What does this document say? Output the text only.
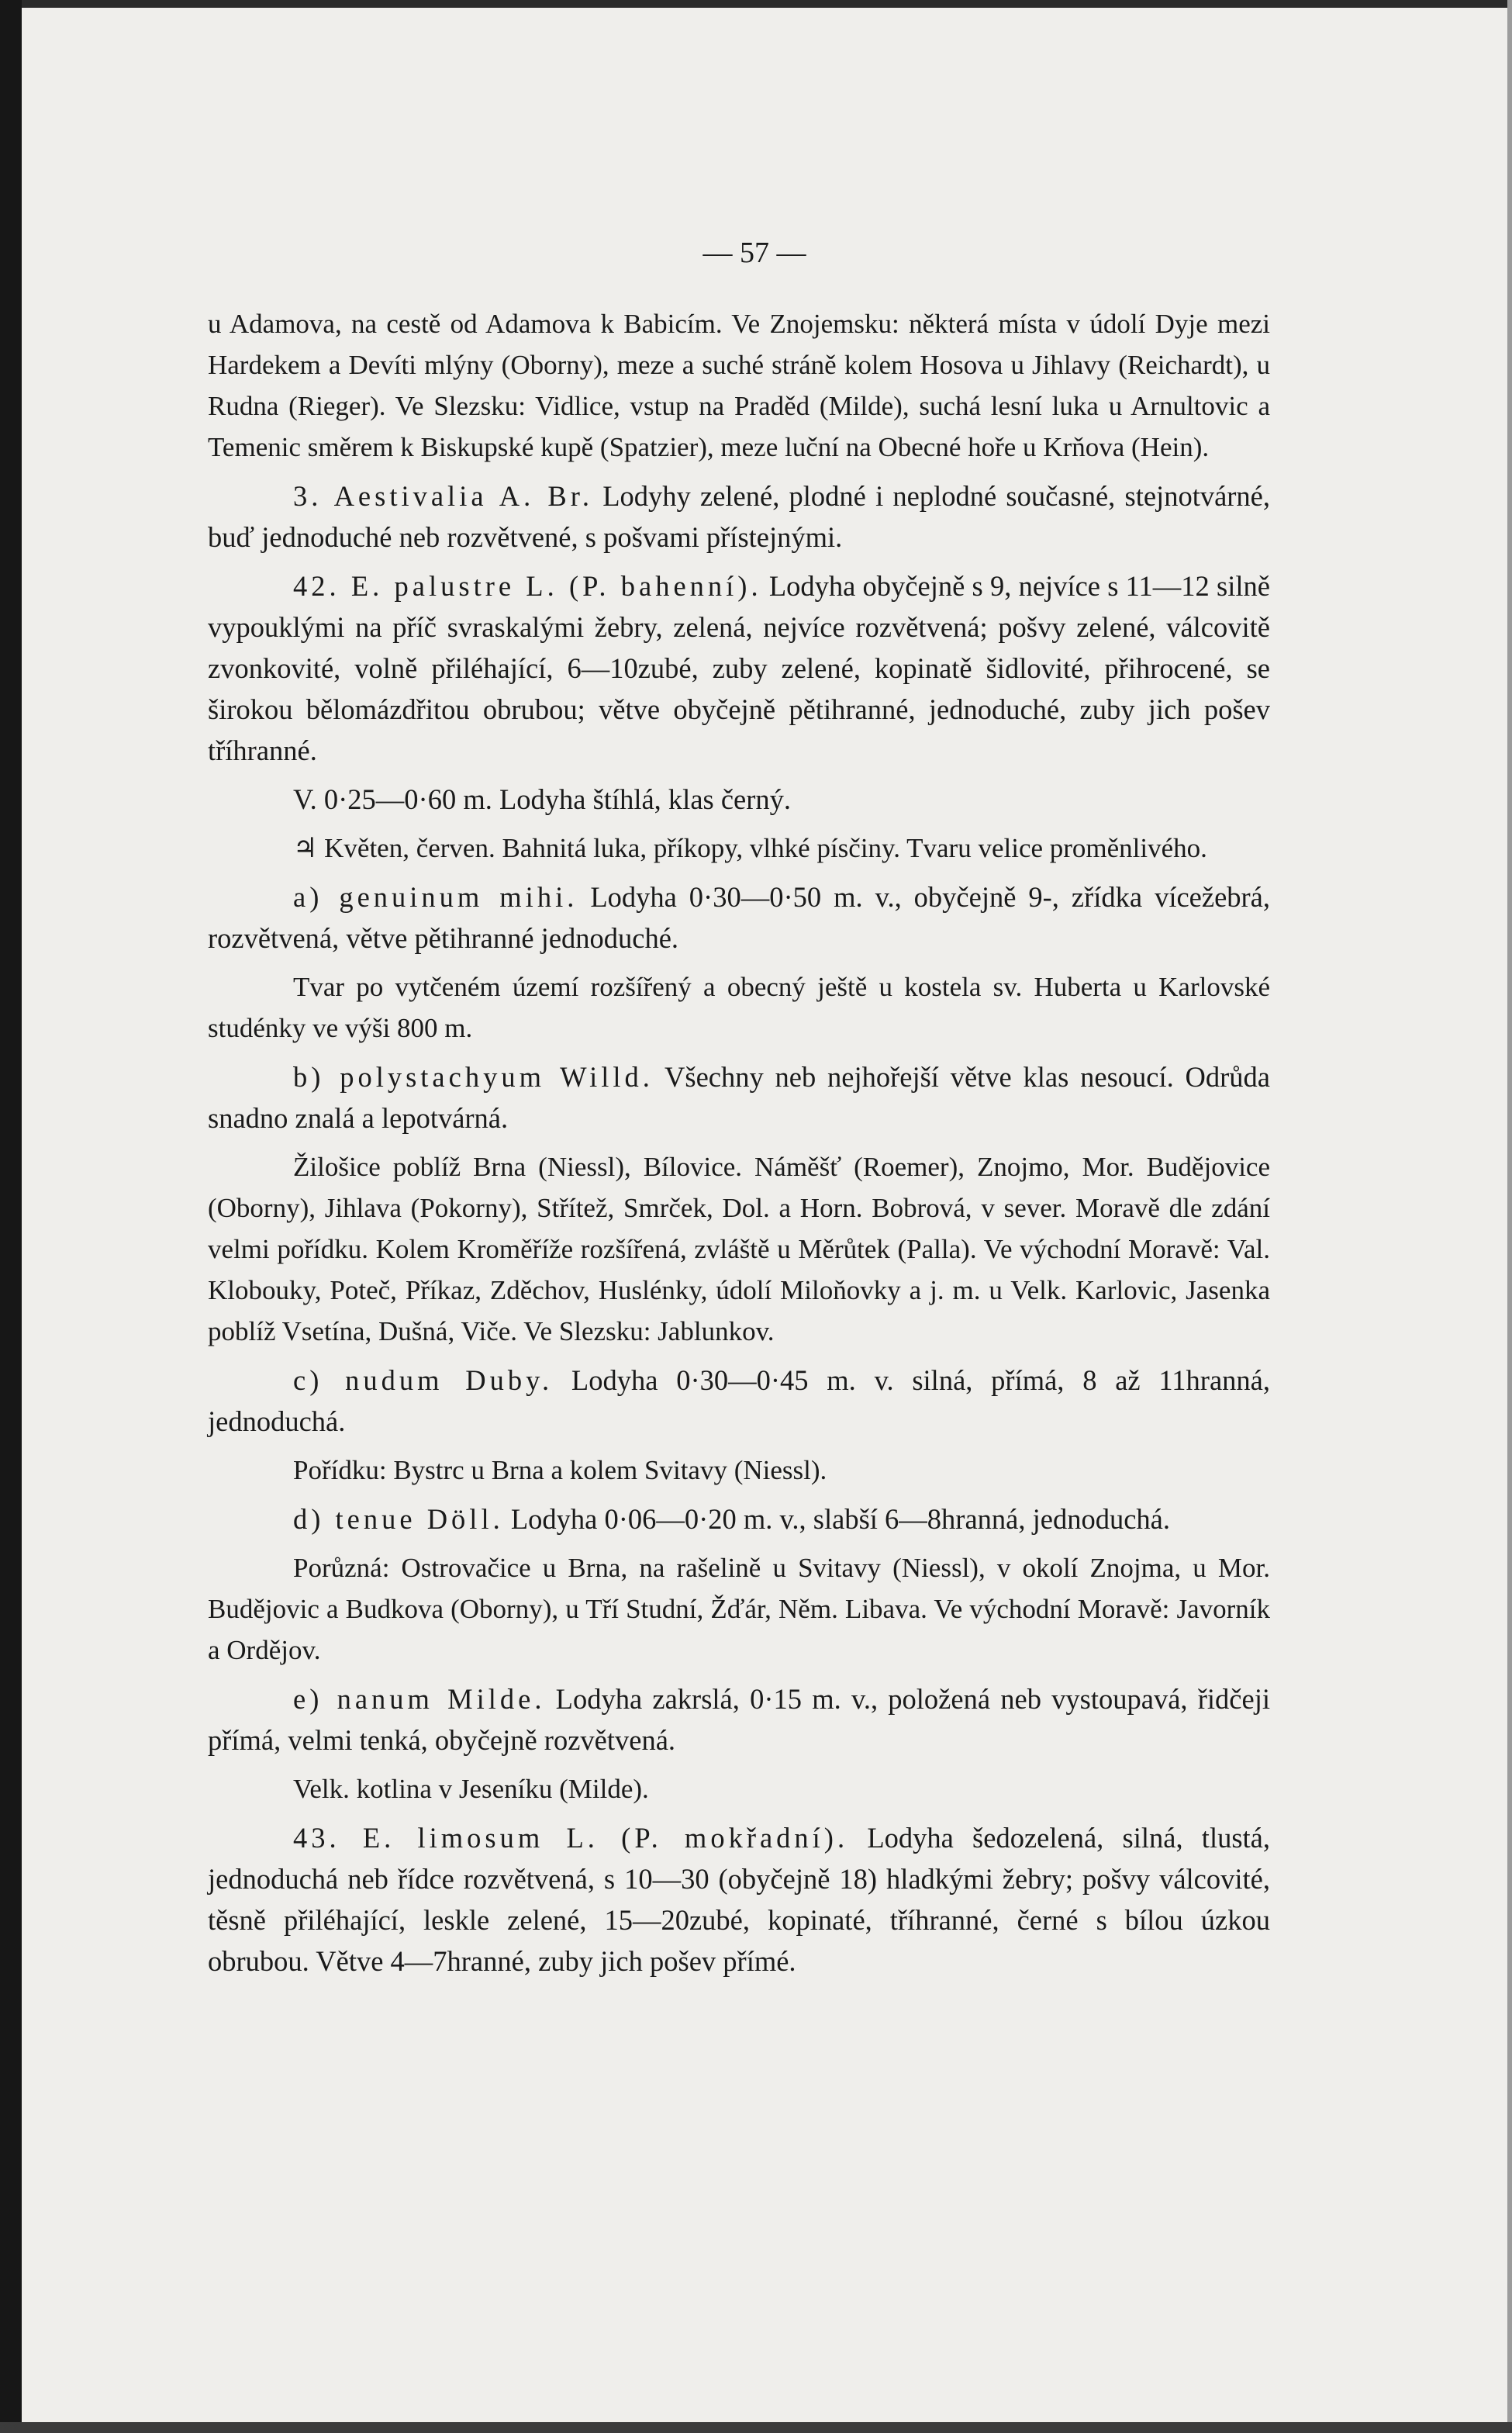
— 57 —

u Adamova, na cestě od Adamova k Babicím. Ve Znojemsku: některá místa v údolí Dyje mezi Hardekem a Devíti mlýny (Oborny), meze a suché stráně kolem Hosova u Jihlavy (Reichardt), u Rudna (Rieger). Ve Slezsku: Vidlice, vstup na Praděd (Milde), suchá lesní luka u Arnultovic a Temenic směrem k Biskupské kupě (Spatzier), meze luční na Obecné hoře u Krňova (Hein).

3. Aestivalia A. Br. Lodyhy zelené, plodné i neplodné současné, stejnotvárné, buď jednoduché neb rozvětvené, s pošvami přístejnými.

42. E. palustre L. (P. bahenní). Lodyha obyčejně s 9, nejvíce s 11—12 silně vypouklými na příč svraskalými žebry, zelená, nejvíce rozvětvená; pošvy zelené, válcovitě zvonkovité, volně přiléhající, 6—10zubé, zuby zelené, kopinatě šidlovité, přihrocené, se širokou bělomázdřitou obrubou; větve obyčejně pětihranné, jednoduché, zuby jich pošev tříhranné.

V. 0·25—0·60 m. Lodyha štíhlá, klas černý.

♃ Květen, červen. Bahnitá luka, příkopy, vlhké písčiny. Tvaru velice proměnlivého.

a) genuinum mihi. Lodyha 0·30—0·50 m. v., obyčejně 9-, zřídka vícežebrá, rozvětvená, větve pětihranné jednoduché.

Tvar po vytčeném území rozšířený a obecný ještě u kostela sv. Huberta u Karlovské studénky ve výši 800 m.

b) polystachyum Willd. Všechny neb nejhořejší větve klas nesoucí. Odrůda snadno znalá a lepotvárná.

Žilošice poblíž Brna (Niessl), Bílovice. Náměšť (Roemer), Znojmo, Mor. Budějovice (Oborny), Jihlava (Pokorny), Střítež, Smrček, Dol. a Horn. Bobrová, v sever. Moravě dle zdání velmi pořídku. Kolem Kroměříže rozšířená, zvláště u Měrůtek (Palla). Ve východní Moravě: Val. Klobouky, Poteč, Příkaz, Zděchov, Huslénky, údolí Miloňovky a j. m. u Velk. Karlovic, Jasenka poblíž Vsetína, Dušná, Viče. Ve Slezsku: Jablunkov.

c) nudum Duby. Lodyha 0·30—0·45 m. v. silná, přímá, 8 až 11hranná, jednoduchá.

Pořídku: Bystrc u Brna a kolem Svitavy (Niessl).

d) tenue Döll. Lodyha 0·06—0·20 m. v., slabší 6—8hranná, jednoduchá.

Porůzná: Ostrovačice u Brna, na rašelině u Svitavy (Niessl), v okolí Znojma, u Mor. Budějovic a Budkova (Oborny), u Tří Studní, Žďár, Něm. Libava. Ve východní Moravě: Javorník a Ordějov.

e) nanum Milde. Lodyha zakrslá, 0·15 m. v., položená neb vystoupavá, řidčeji přímá, velmi tenká, obyčejně rozvětvená.

Velk. kotlina v Jeseníku (Milde).

43. E. limosum L. (P. mokřadní). Lodyha šedozelená, silná, tlustá, jednoduchá neb řídce rozvětvená, s 10—30 (obyčejně 18) hladkými žebry; pošvy válcovité, těsně přiléhající, leskle zelené, 15—20zubé, kopinaté, tříhranné, černé s bílou úzkou obrubou. Větve 4—7hranné, zuby jich pošev přímé.
